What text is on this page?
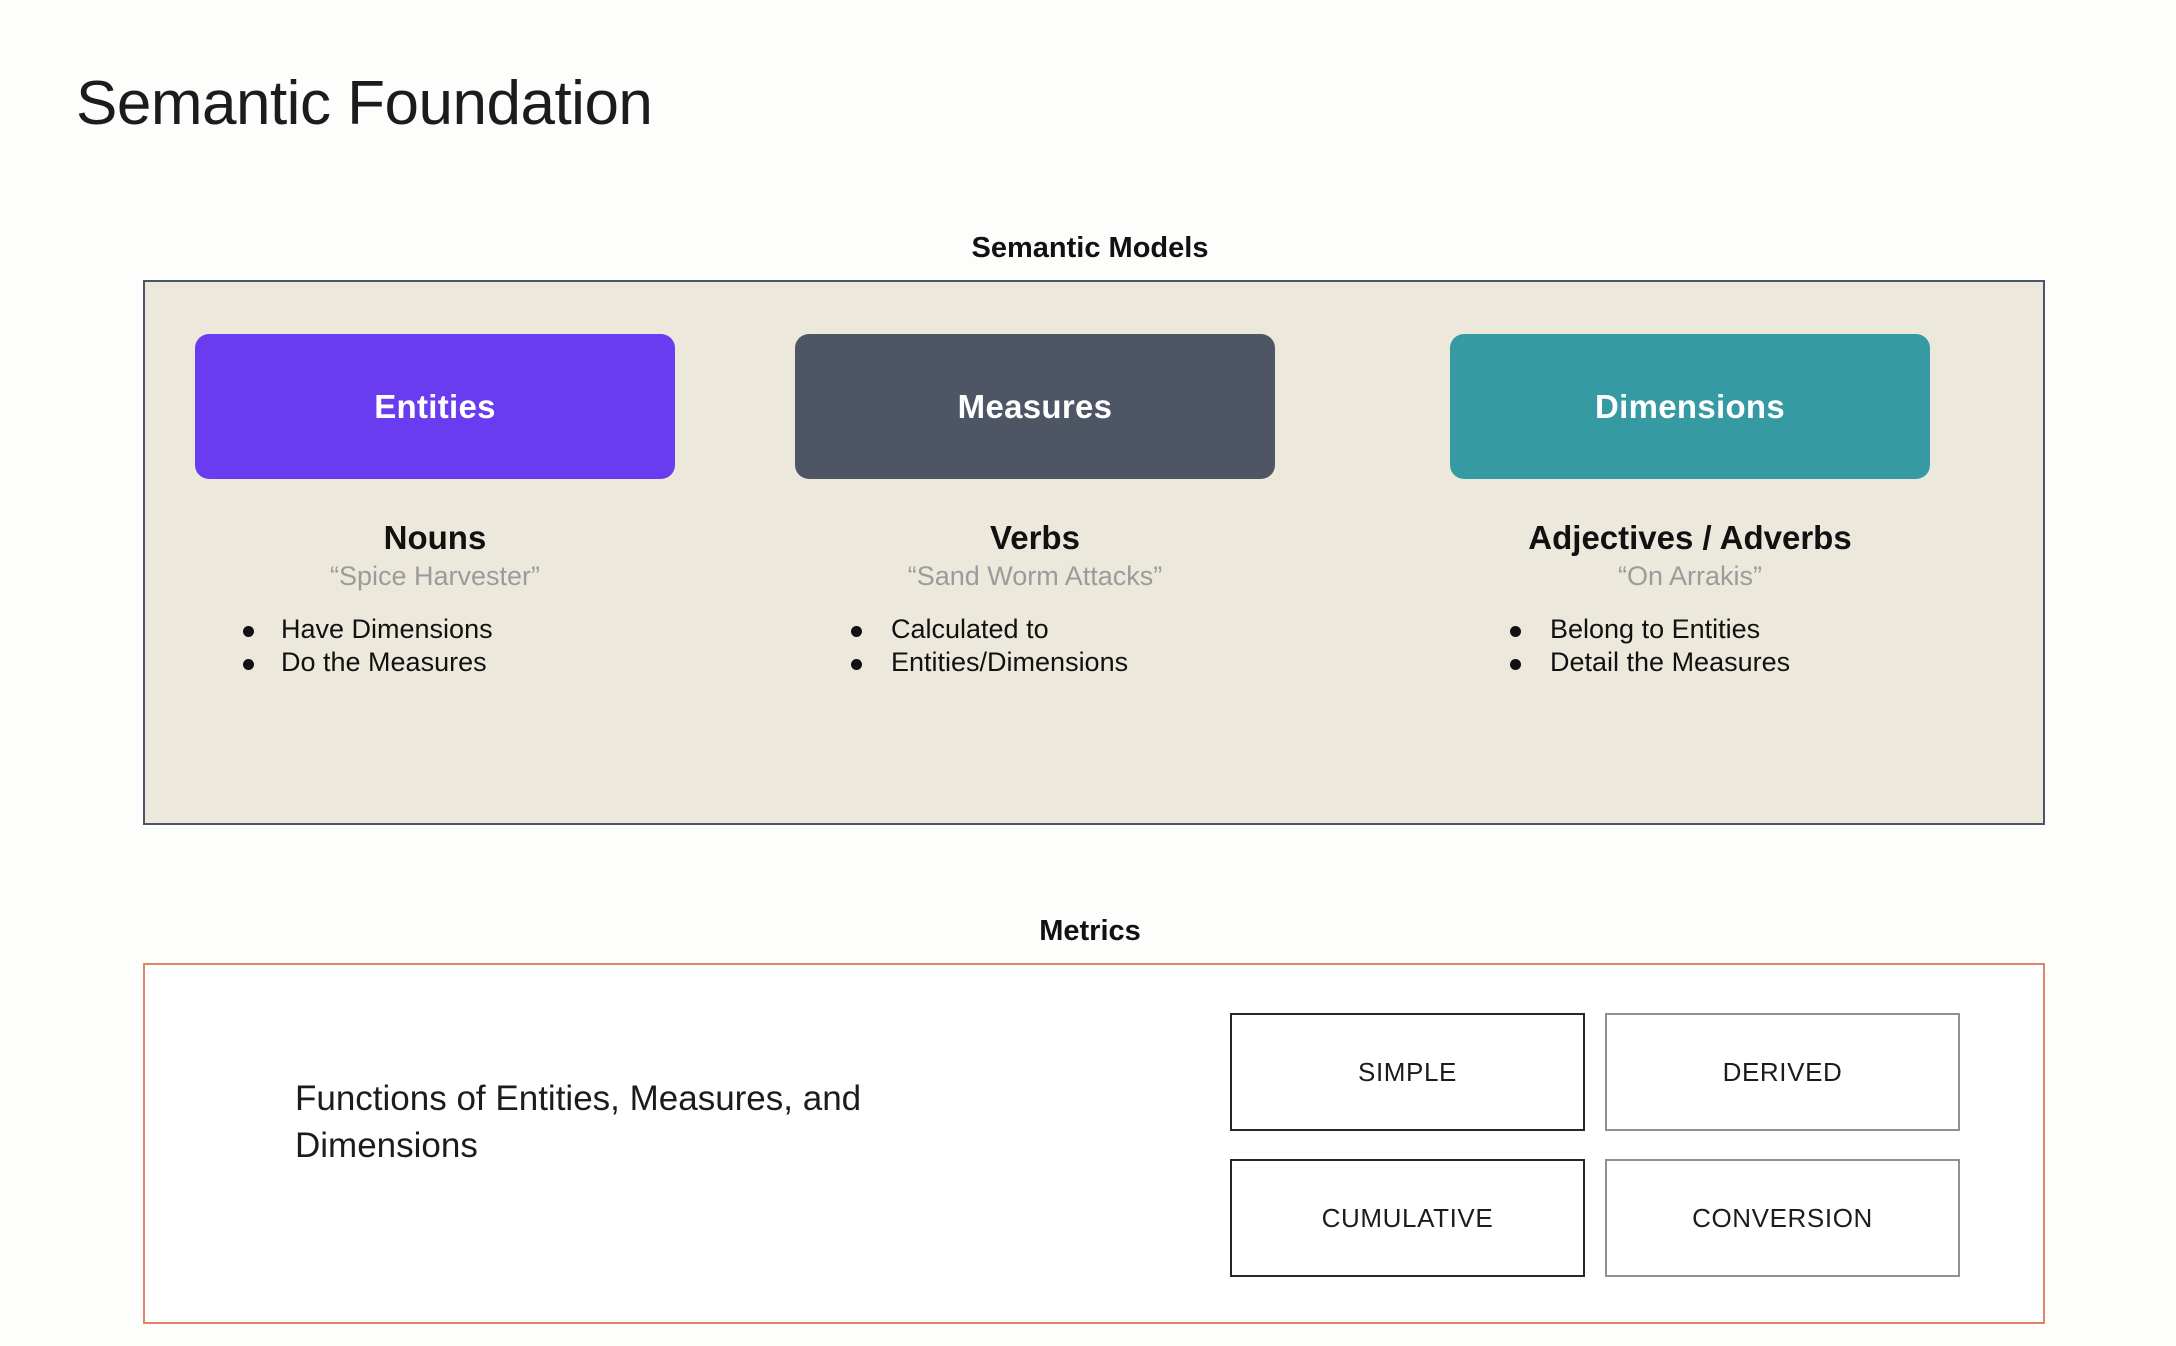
Semantic Foundation
Semantic Models
Entities
Nouns
“Spice Harvester”
Have Dimensions
Do the Measures
Measures
Verbs
“Sand Worm Attacks”
Calculated to
Entities/Dimensions
Dimensions
Adjectives / Adverbs
“On Arrakis”
Belong to Entities
Detail the Measures
Metrics
Functions of Entities, Measures, and Dimensions
SIMPLE	DERIVED
CUMULATIVE	CONVERSION
